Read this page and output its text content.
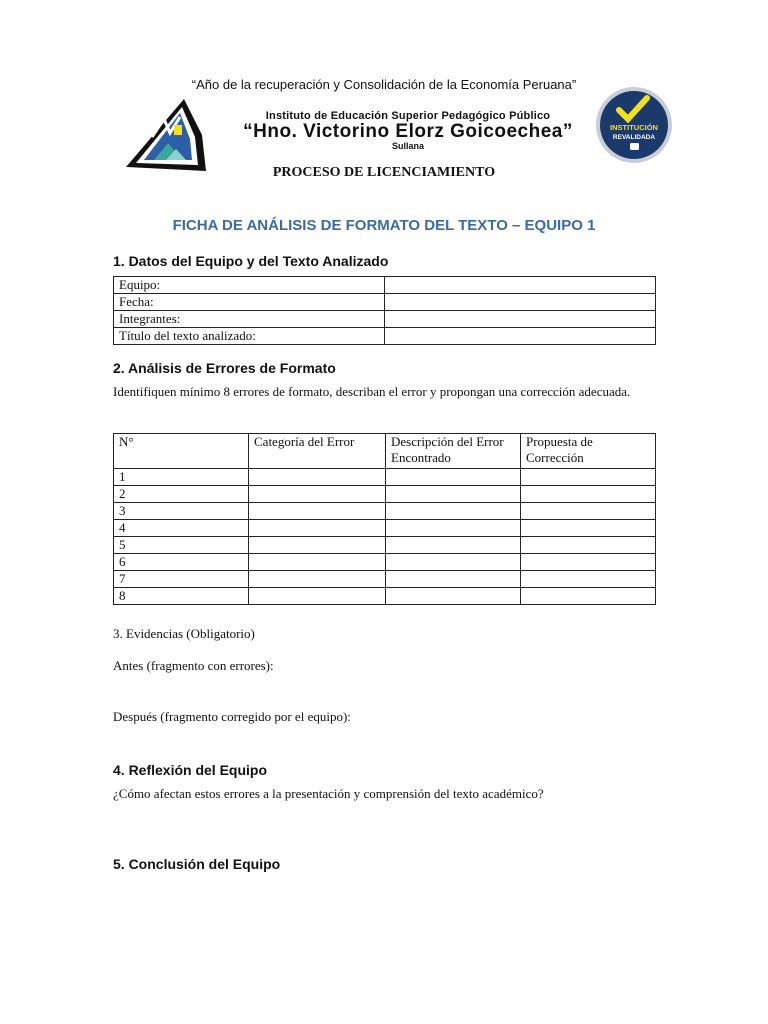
“Año de la recuperación y Consolidación de la Economía Peruana”
Instituto de Educación Superior Pedagógico Público
“Hno. Victorino Elorz Goicoechea”
Sullana
INSTITUCIÓN
REVALIDADA
PROCESO DE LICENCIAMIENTO
FICHA DE ANÁLISIS DE FORMATO DEL TEXTO – EQUIPO 1
1. Datos del Equipo y del Texto Analizado
Equipo:	
Fecha:	
Integrantes:	
Título del texto analizado:	
2. Análisis de Errores de Formato
Identifiquen mínimo 8 errores de formato, describan el error y propongan una corrección adecuada.
N°	Categoría del Error	Descripción del Error Encontrado	Propuesta de Corrección
1			
2			
3			
4			
5			
6			
7			
8			
3. Evidencias (Obligatorio)
Antes (fragmento con errores):
Después (fragmento corregido por el equipo):
4. Reflexión del Equipo
¿Cómo afectan estos errores a la presentación y comprensión del texto académico?
5. Conclusión del Equipo
